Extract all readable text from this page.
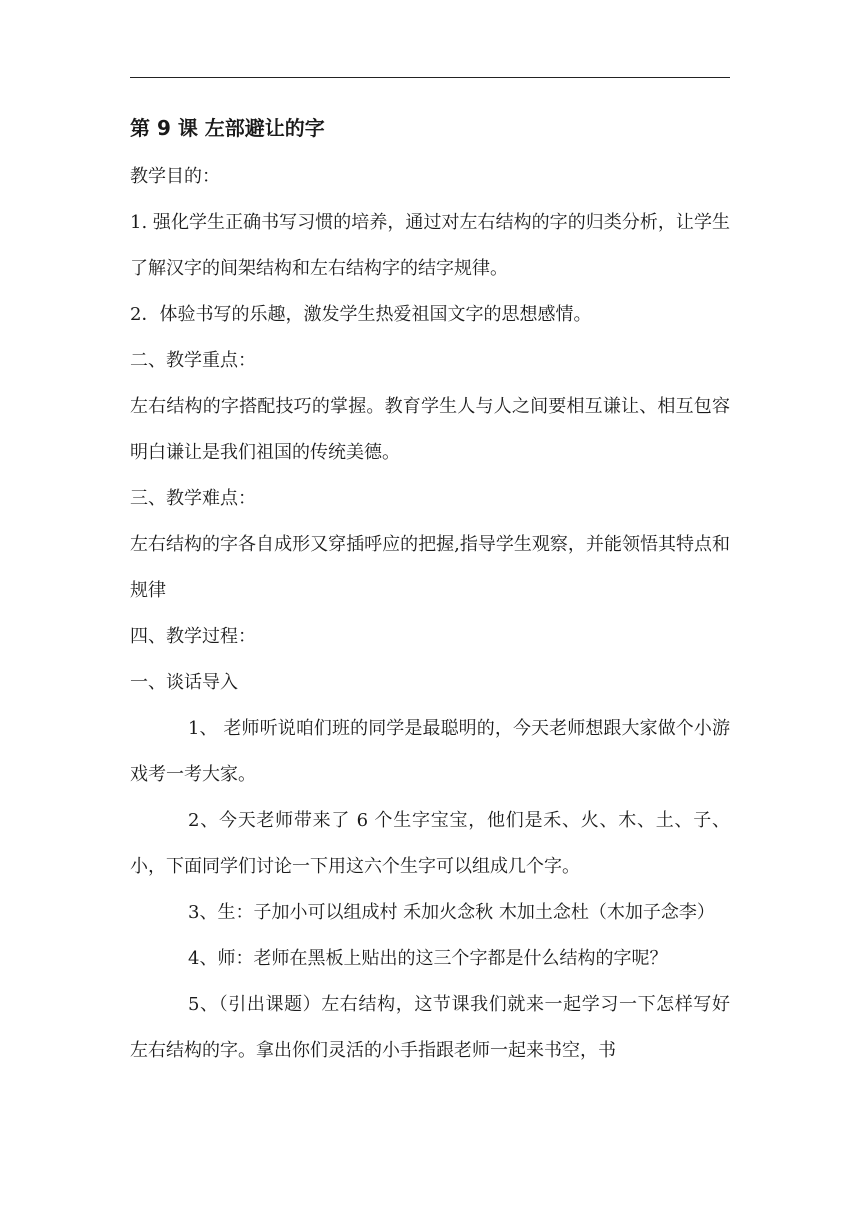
第 9 课 左部避让的字

教学目的：

1. 强化学生正确书写习惯的培养，通过对左右结构的字的归类分析，让学生了解汉字的间架结构和左右结构字的结字规律。

2．体验书写的乐趣，激发学生热爱祖国文字的思想感情。

二、教学重点：

左右结构的字搭配技巧的掌握。教育学生人与人之间要相互谦让、相互包容明白谦让是我们祖国的传统美德。

三、教学难点：

左右结构的字各自成形又穿插呼应的把握,指导学生观察，并能领悟其特点和规律

四、教学过程：

一、谈话导入

1、 老师听说咱们班的同学是最聪明的，今天老师想跟大家做个小游戏考一考大家。

2、今天老师带来了 6 个生字宝宝，他们是禾、火、木、土、子、小，下面同学们讨论一下用这六个生字可以组成几个字。

3、生：子加小可以组成村 禾加火念秋 木加土念杜（木加子念李）

4、师：老师在黑板上贴出的这三个字都是什么结构的字呢？

5、（引出课题）左右结构，这节课我们就来一起学习一下怎样写好左右结构的字。拿出你们灵活的小手指跟老师一起来书空，书
